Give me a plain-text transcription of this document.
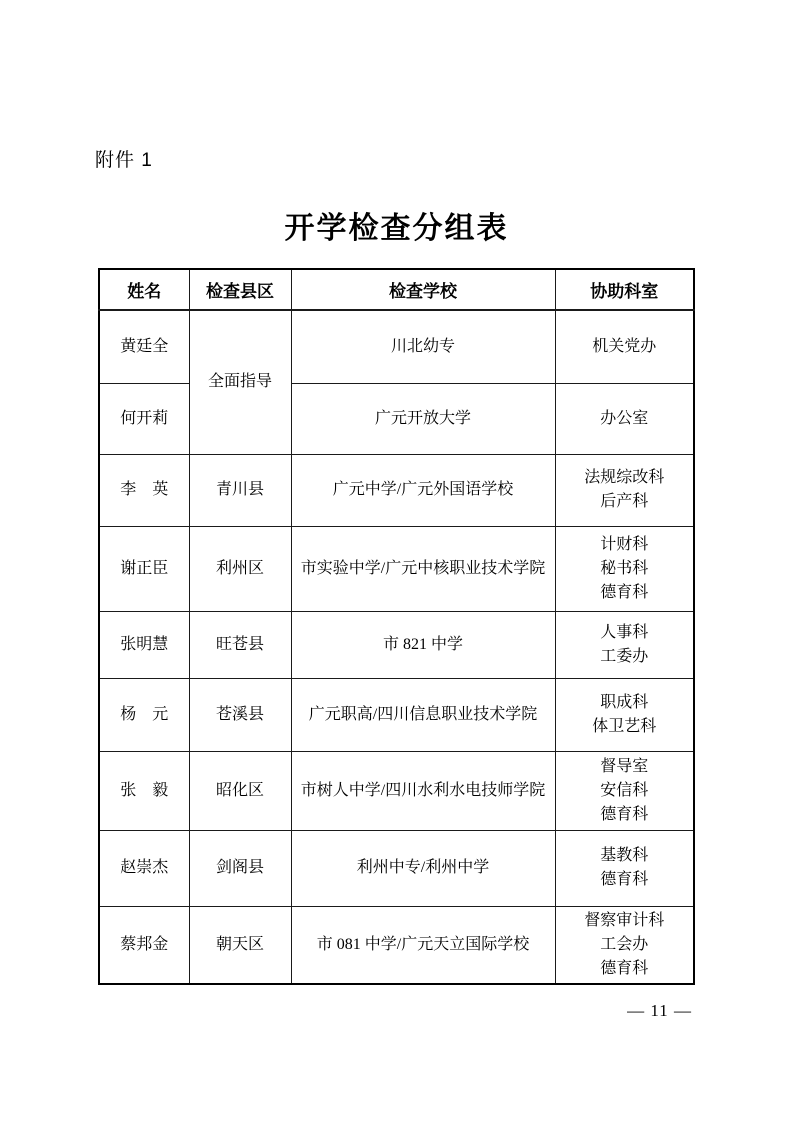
附件 1
开学检查分组表
姓名	检查县区	检查学校	协助科室
黄廷全	全面指导	川北幼专	机关党办
何开莉		广元开放大学	办公室
李　英	青川县	广元中学/广元外国语学校	法规综改科
后产科
谢正臣	利州区	市实验中学/广元中核职业技术学院	计财科
秘书科
德育科
张明慧	旺苍县	市 821 中学	人事科
工委办
杨　元	苍溪县	广元职高/四川信息职业技术学院	职成科
体卫艺科
张　毅	昭化区	市树人中学/四川水利水电技师学院	督导室
安信科
德育科
赵崇杰	剑阁县	利州中专/利州中学	基教科
德育科
蔡邦金	朝天区	市 081 中学/广元天立国际学校	督察审计科
工会办
德育科
— 11 —
